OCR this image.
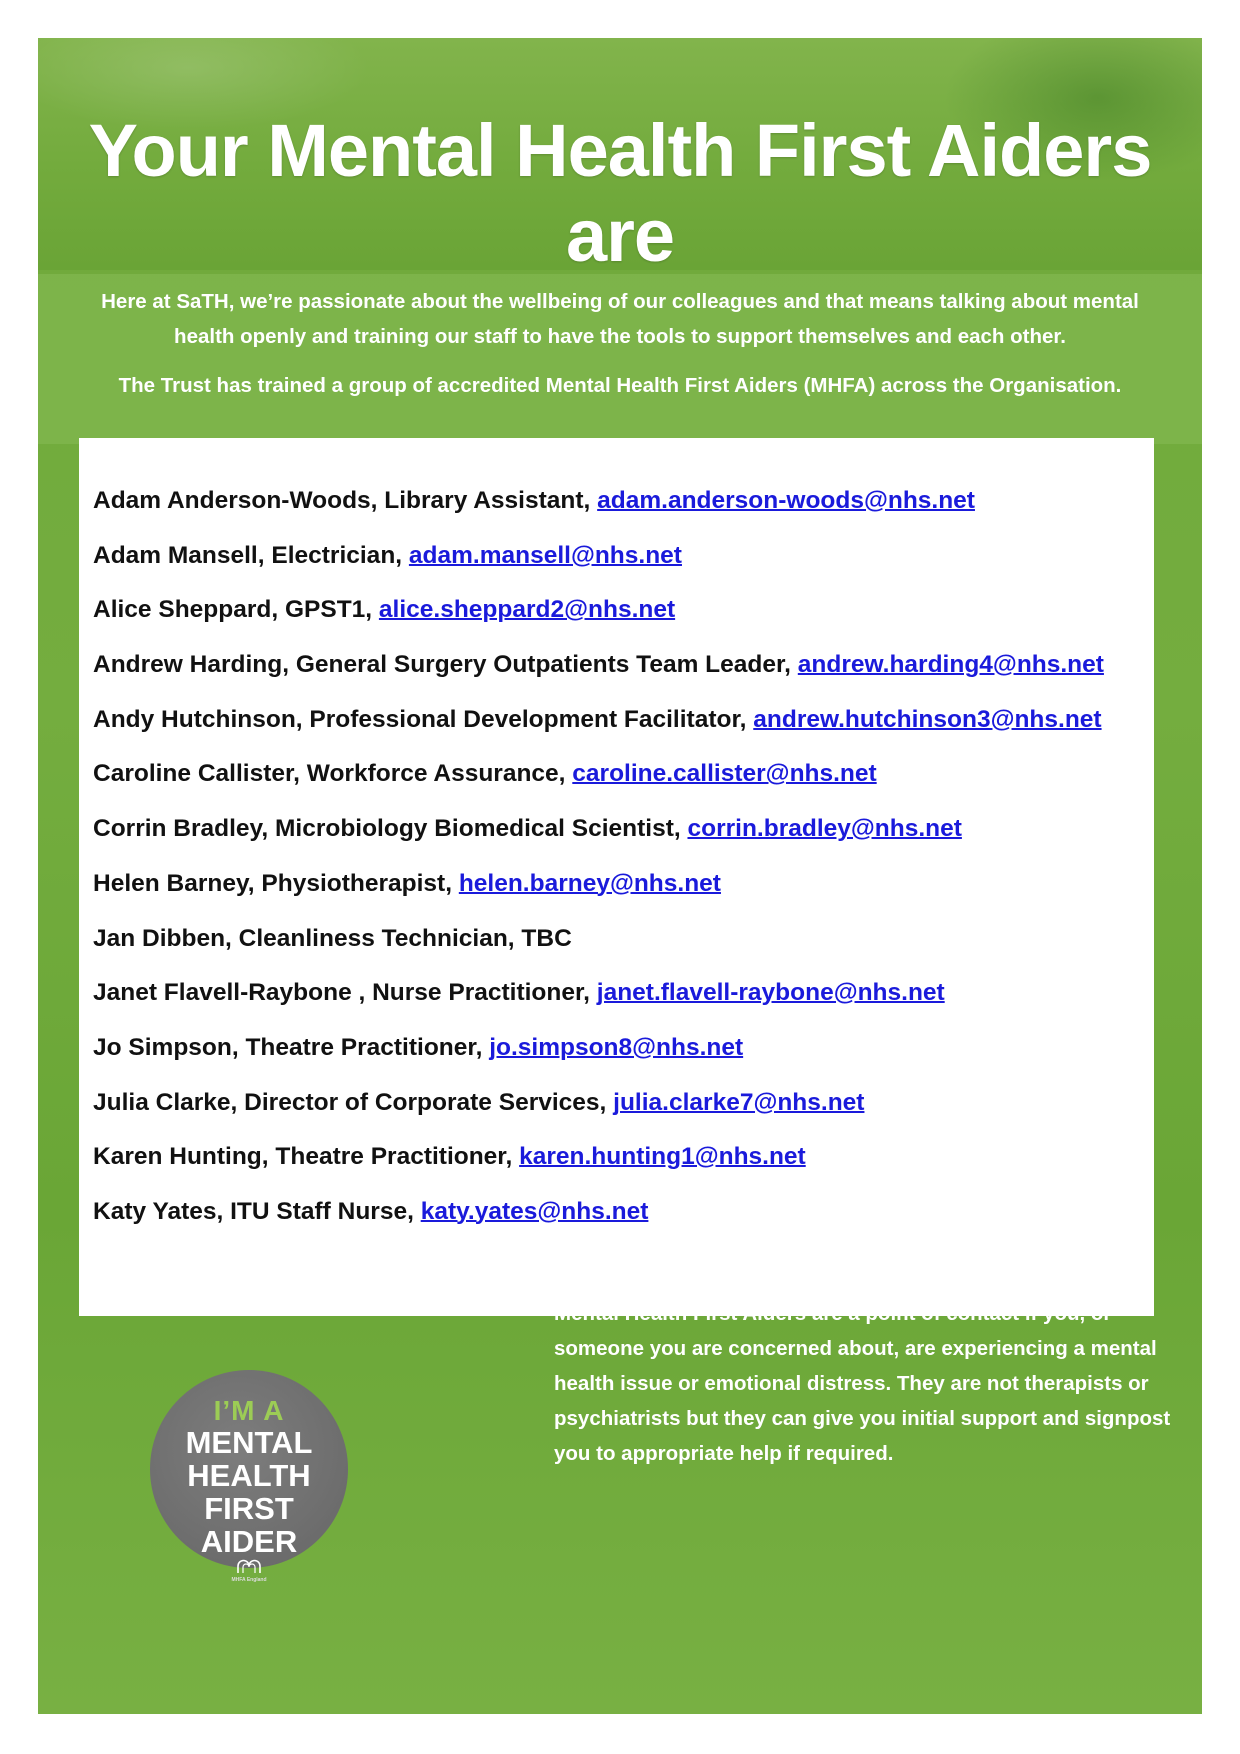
Your Mental Health First Aiders are

Here at SaTH, we’re passionate about the wellbeing of our colleagues and that means talking about mental health openly and training our staff to have the tools to support themselves and each other.

The Trust has trained a group of accredited Mental Health First Aiders (MHFA) across the Organisation.

Adam Anderson-Woods, Library Assistant, adam.anderson-woods@nhs.net
Adam Mansell, Electrician, adam.mansell@nhs.net
Alice Sheppard, GPST1, alice.sheppard2@nhs.net
Andrew Harding, General Surgery Outpatients Team Leader, andrew.harding4@nhs.net
Andy Hutchinson, Professional Development Facilitator, andrew.hutchinson3@nhs.net
Caroline Callister, Workforce Assurance, caroline.callister@nhs.net
Corrin Bradley, Microbiology Biomedical Scientist, corrin.bradley@nhs.net
Helen Barney, Physiotherapist, helen.barney@nhs.net
Jan Dibben, Cleanliness Technician, TBC
Janet Flavell-Raybone , Nurse Practitioner, janet.flavell-raybone@nhs.net
Jo Simpson, Theatre Practitioner, jo.simpson8@nhs.net
Julia Clarke, Director of Corporate Services, julia.clarke7@nhs.net
Karen Hunting, Theatre Practitioner, karen.hunting1@nhs.net
Katy Yates, ITU Staff Nurse, katy.yates@nhs.net

There are plenty of different types of support out there, and a Mental Health First Aider can help you access them.

Mental Health First Aiders are a point of contact if you, or someone you are concerned about, are experiencing a mental health issue or emotional distress. They are not therapists or psychiatrists but they can give you initial support and signpost you to appropriate help if required.

I’M A
MENTAL
HEALTH
FIRST
AIDER
MHFA England
